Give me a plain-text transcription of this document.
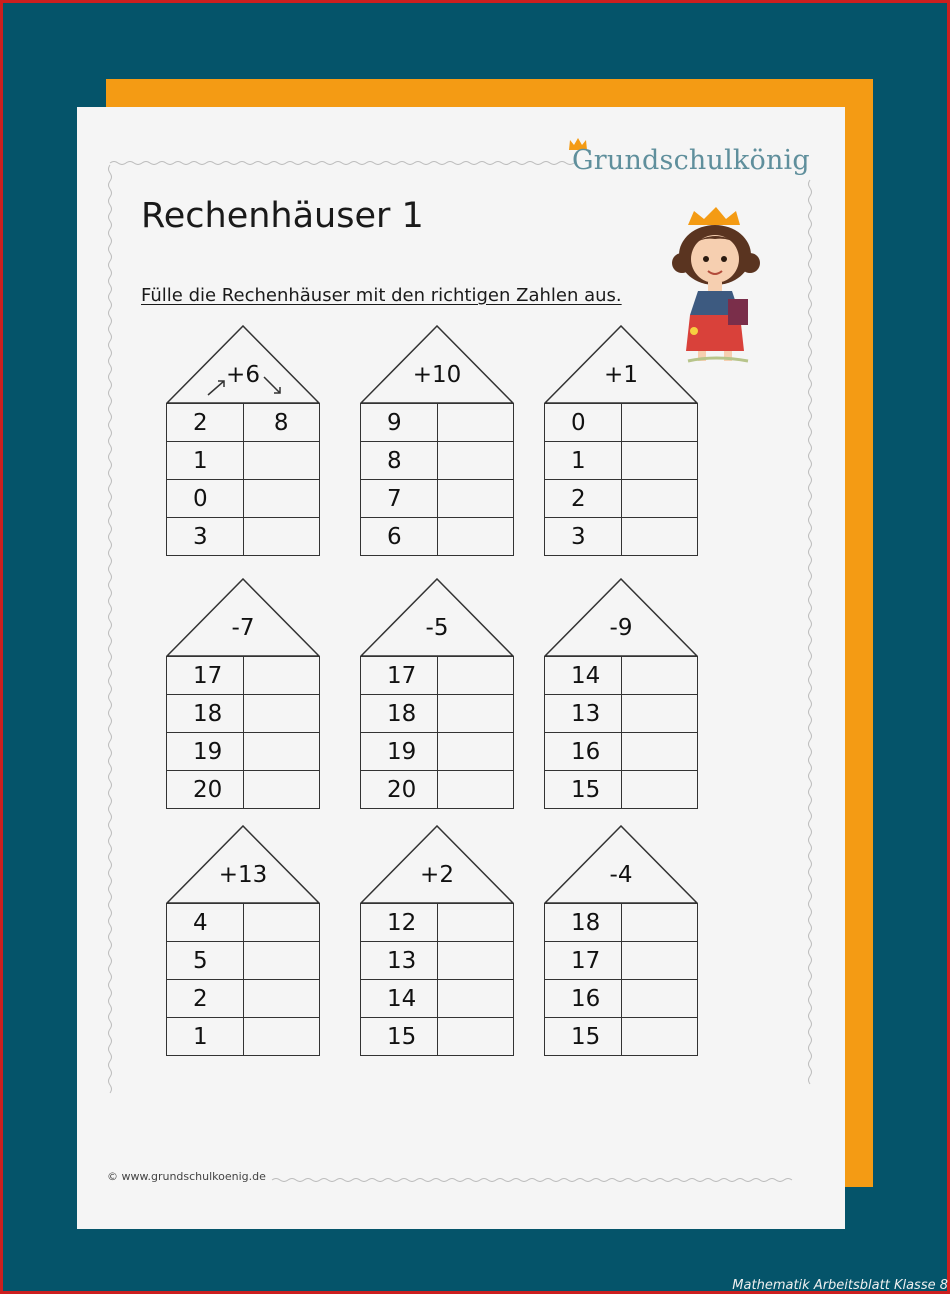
Grundschulkönig
Rechenhäuser 1
Fülle die Rechenhäuser mit den richtigen Zahlen aus.
+6
2	8
1	
0	
3	
+10
9	
8	
7	
6	
+1
0	
1	
2	
3	
-7
17	
18	
19	
20	
-5
17	
18	
19	
20	
-9
14	
13	
16	
15	
+13
4	
5	
2	
1	
+2
12	
13	
14	
15	
-4
18	
17	
16	
15	
© www.grundschulkoenig.de
Mathematik Arbeitsblatt Klasse 8
